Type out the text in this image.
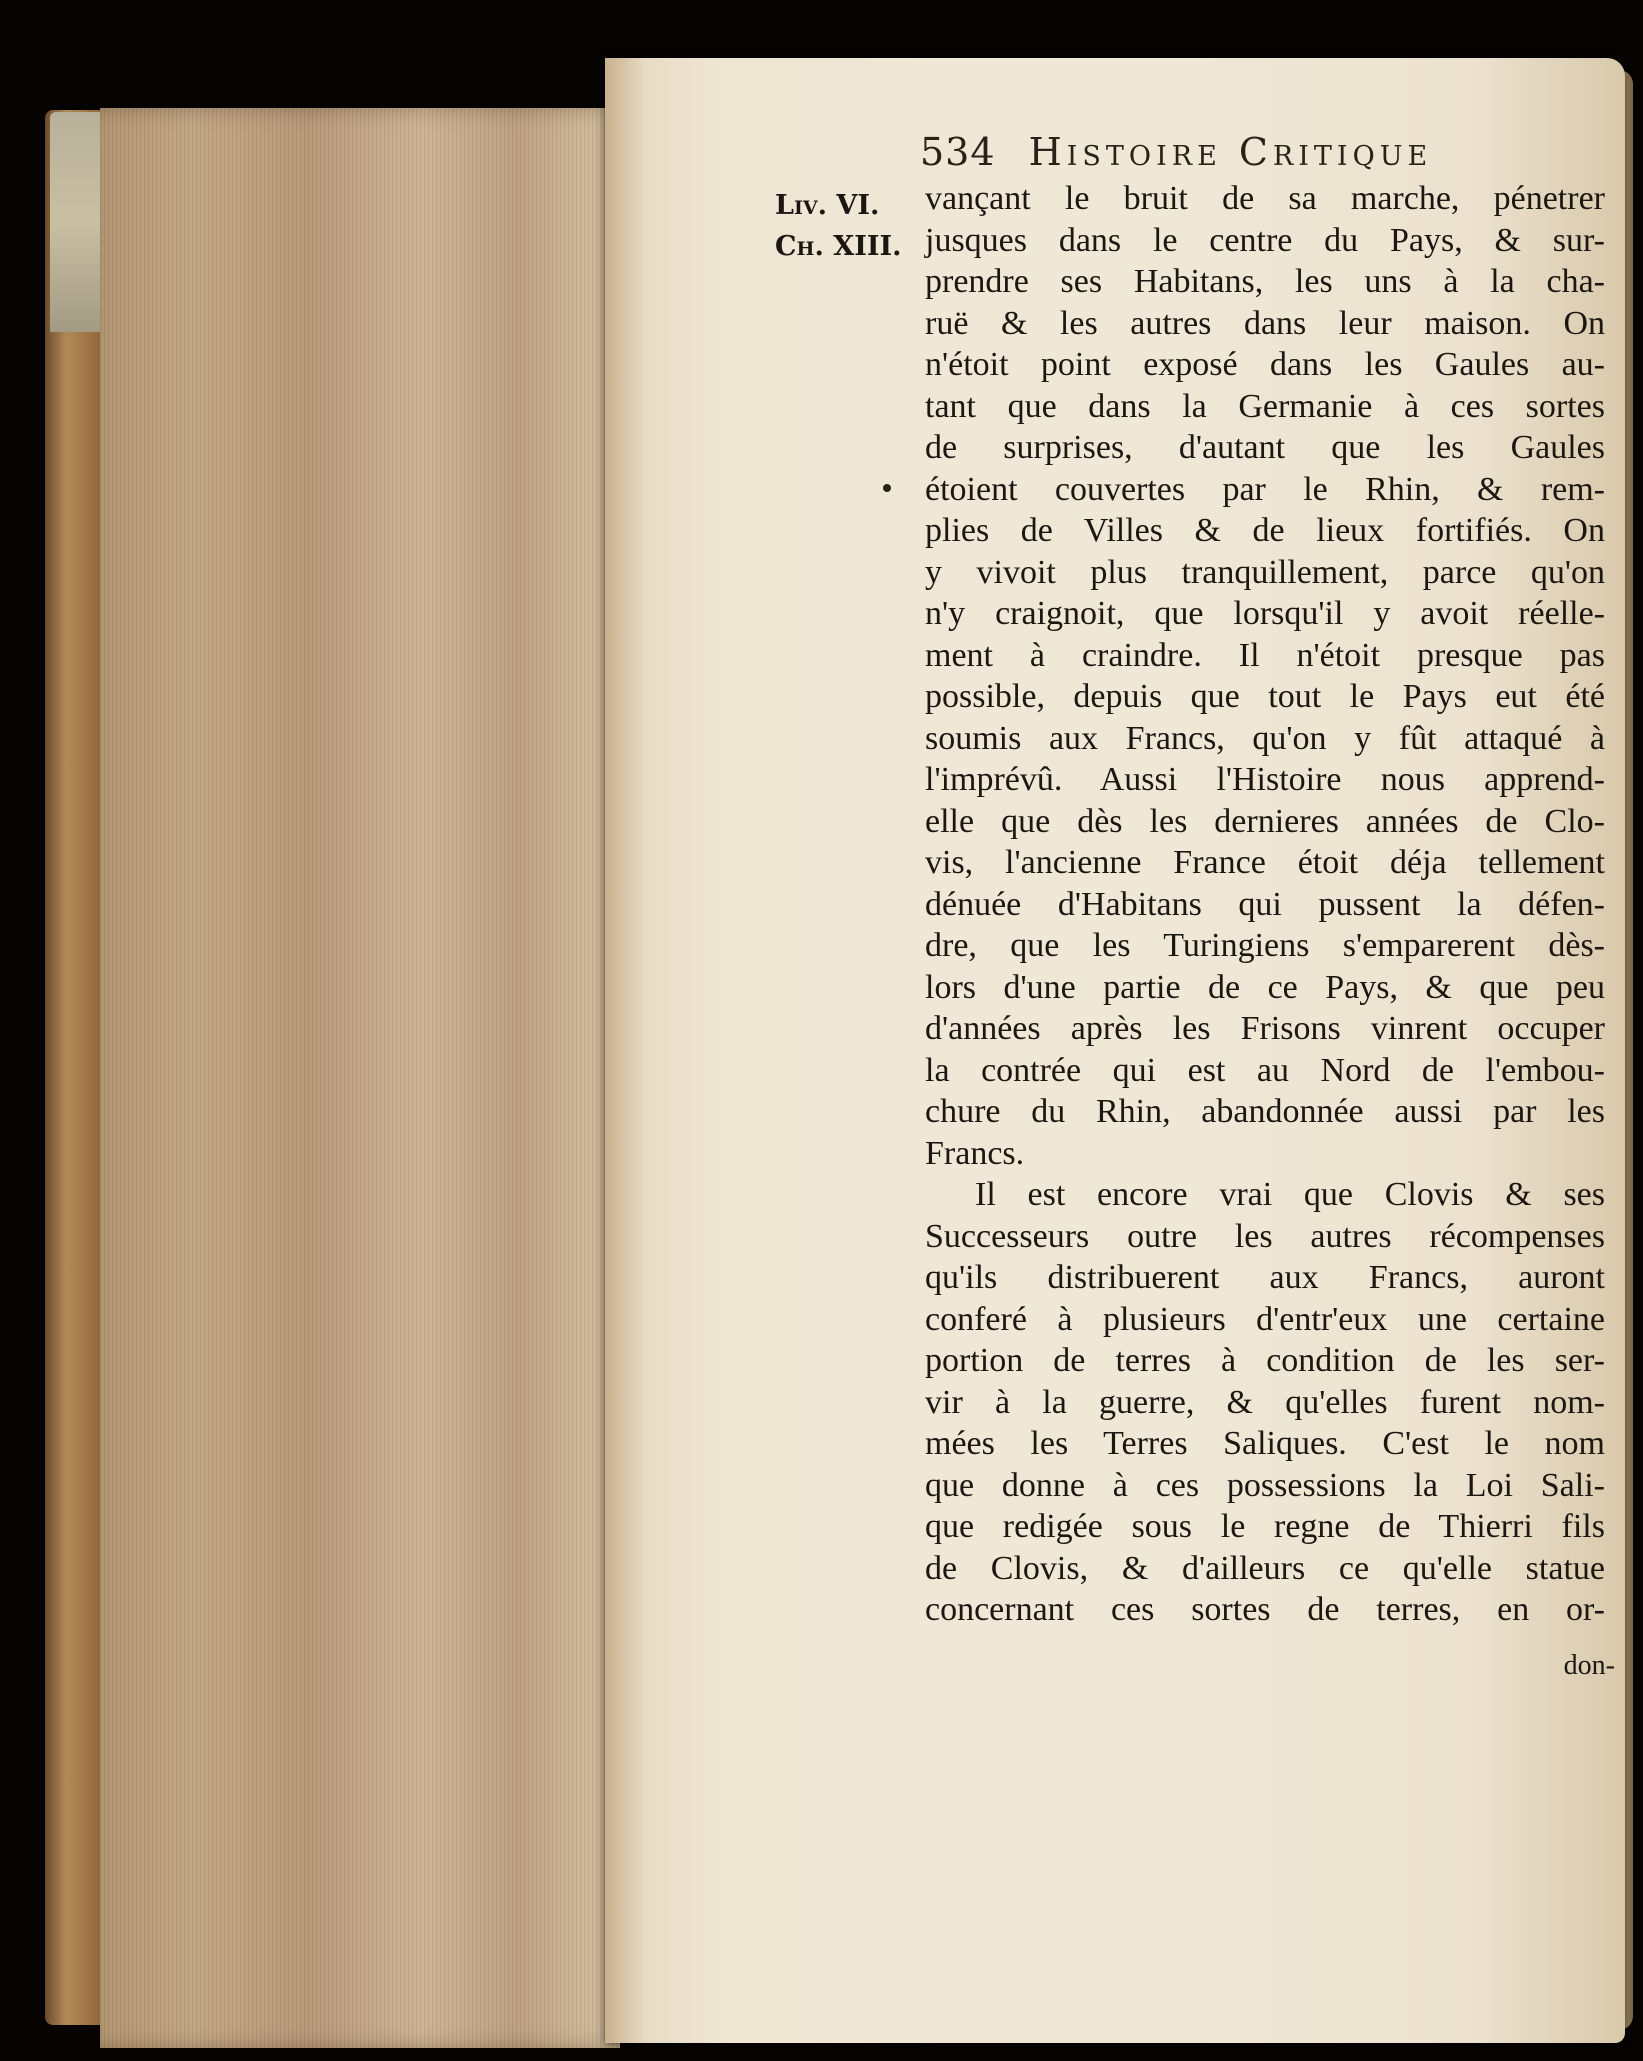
534 Histoire Critique
Liv. VI.
Ch. XIII.
vançant le bruit de sa marche, pénetrer
jusques dans le centre du Pays, & sur-
prendre ses Habitans, les uns à la cha-
ruë & les autres dans leur maison. On
n'étoit point exposé dans les Gaules au-
tant que dans la Germanie à ces sortes
de surprises, d'autant que les Gaules
étoient couvertes par le Rhin, & rem-
plies de Villes & de lieux fortifiés. On
y vivoit plus tranquillement, parce qu'on
n'y craignoit, que lorsqu'il y avoit réelle-
ment à craindre. Il n'étoit presque pas
possible, depuis que tout le Pays eut été
soumis aux Francs, qu'on y fût attaqué à
l'imprévû. Aussi l'Histoire nous apprend-
elle que dès les dernieres années de Clo-
vis, l'ancienne France étoit déja tellement
dénuée d'Habitans qui pussent la défen-
dre, que les Turingiens s'emparerent dès-
lors d'une partie de ce Pays, & que peu
d'années après les Frisons vinrent occuper
la contrée qui est au Nord de l'embou-
chure du Rhin, abandonnée aussi par les
Francs.
Il est encore vrai que Clovis & ses
Successeurs outre les autres récompenses
qu'ils distribuerent aux Francs, auront
conferé à plusieurs d'entr'eux une certaine
portion de terres à condition de les ser-
vir à la guerre, & qu'elles furent nom-
mées les Terres Saliques. C'est le nom
que donne à ces possessions la Loi Sali-
que redigée sous le regne de Thierri fils
de Clovis, & d'ailleurs ce qu'elle statue
concernant ces sortes de terres, en or-
don-
